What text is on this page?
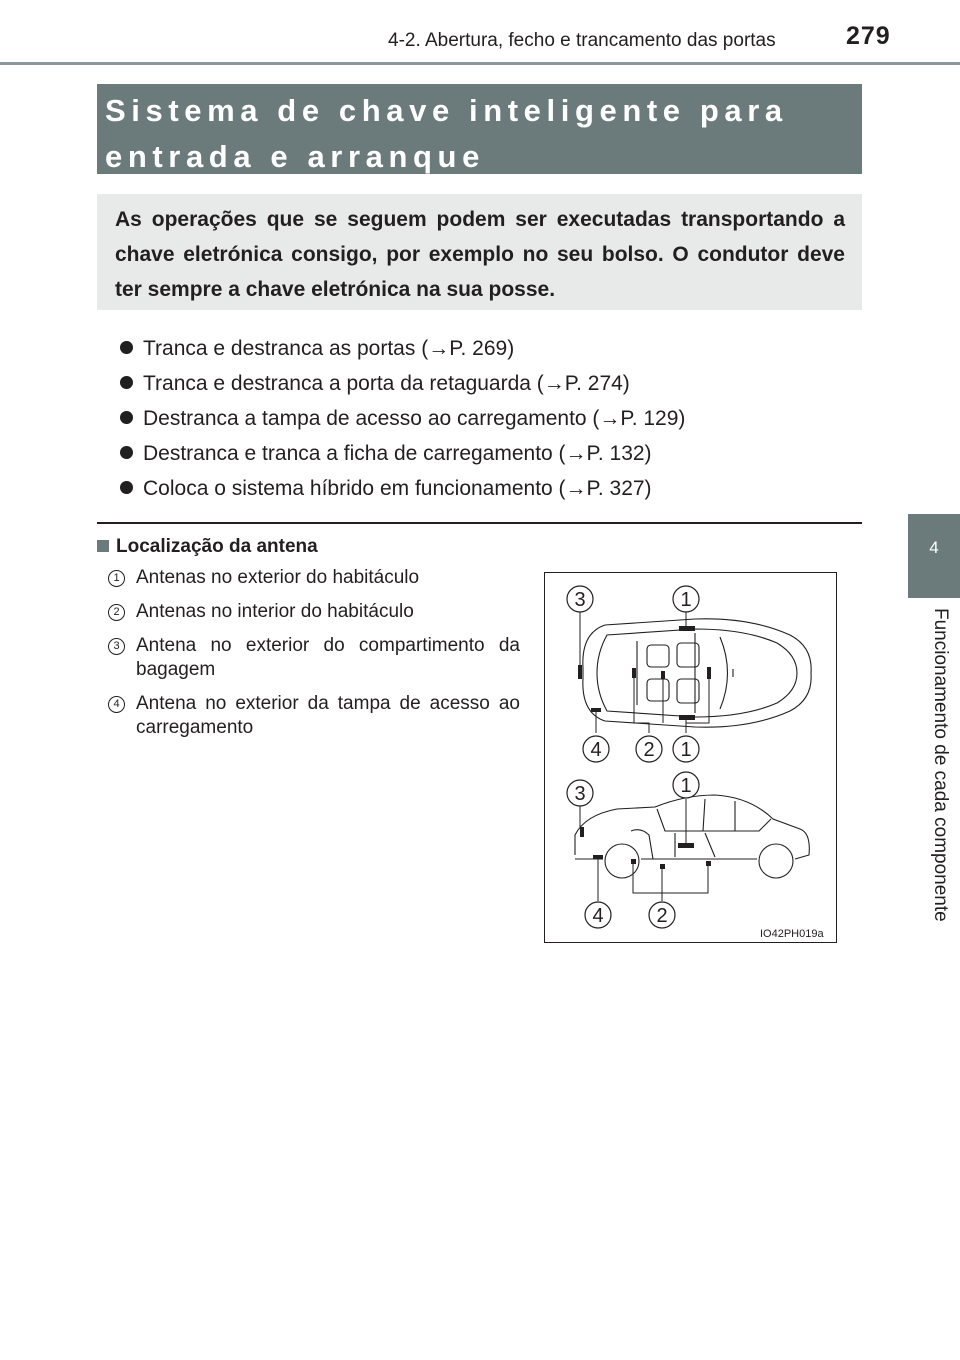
4-2. Abertura, fecho e trancamento das portas	279
4
Funcionamento de cada componente
Sistema de chave inteligente para entrada e arranque
As operações que se seguem podem ser executadas transportando a chave eletrónica consigo, por exemplo no seu bolso. O condutor deve ter sempre a chave eletrónica na sua posse.
Tranca e destranca as portas (→P. 269)
Tranca e destranca a porta da retaguarda (→P. 274)
Destranca a tampa de acesso ao carregamento (→P. 129)
Destranca e tranca a ficha de carregamento (→P. 132)
Coloca o sistema híbrido em funcionamento (→P. 327)
Localização da antena
1 Antenas no exterior do habitáculo
2 Antenas no interior do habitáculo
3 Antena no exterior do compartimento da bagagem
4 Antena no exterior da tampa de acesso ao carregamento
3	1
4 2 1
3	1
4	2
IO42PH019a
